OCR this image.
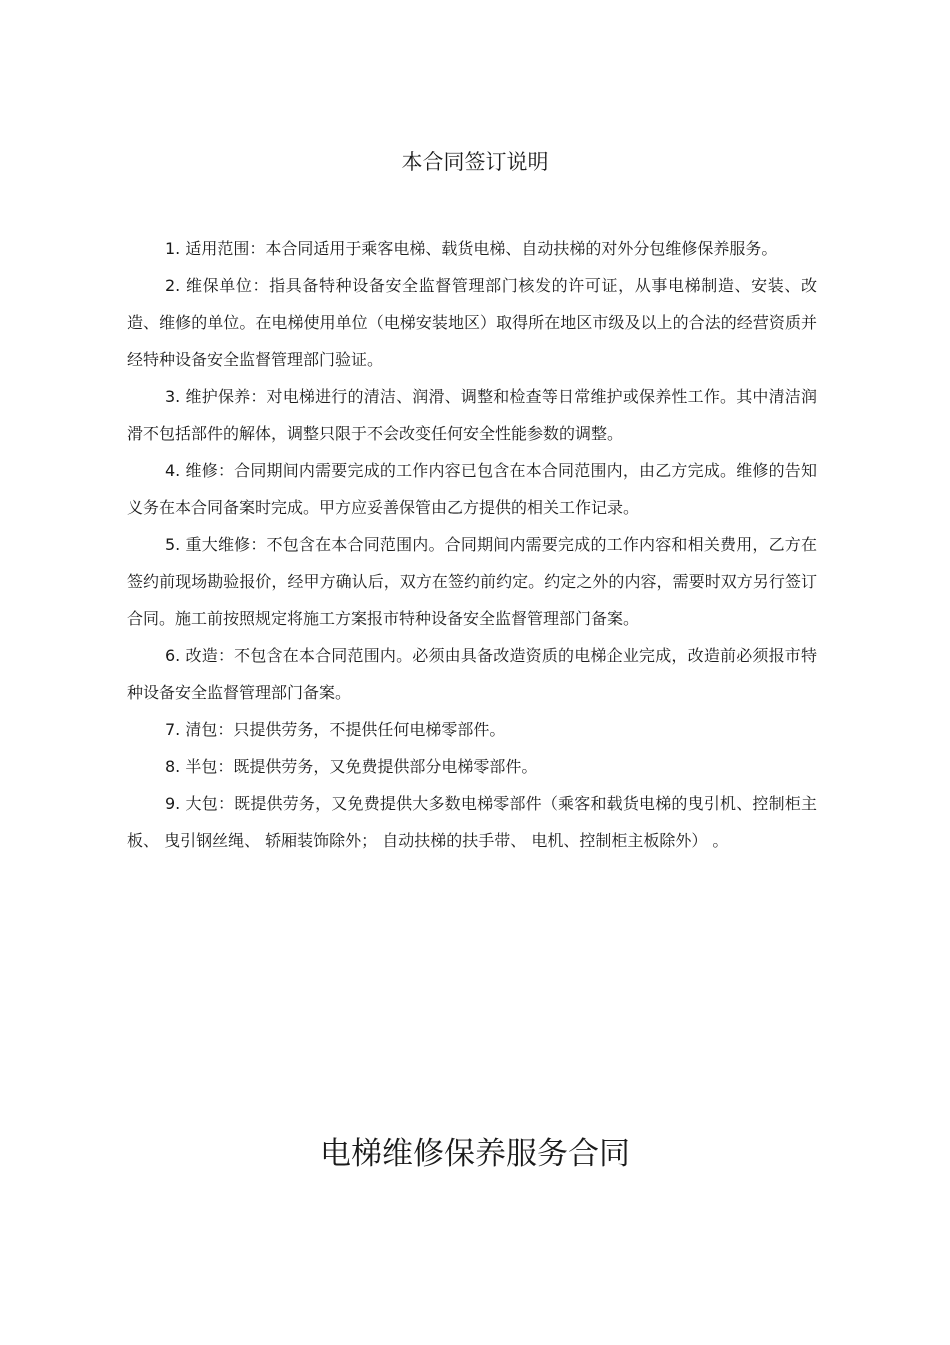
本合同签订说明

1. 适用范围：本合同适用于乘客电梯、载货电梯、自动扶梯的对外分包维修保养服务。

2. 维保单位：指具备特种设备安全监督管理部门核发的许可证，从事电梯制造、安装、改造、维修的单位。在电梯使用单位（电梯安装地区）取得所在地区市级及以上的合法的经营资质并经特种设备安全监督管理部门验证。

3. 维护保养：对电梯进行的清洁、润滑、调整和检查等日常维护或保养性工作。其中清洁润滑不包括部件的解体，调整只限于不会改变任何安全性能参数的调整。

4. 维修：合同期间内需要完成的工作内容已包含在本合同范围内，由乙方完成。维修的告知义务在本合同备案时完成。甲方应妥善保管由乙方提供的相关工作记录。

5. 重大维修：不包含在本合同范围内。合同期间内需要完成的工作内容和相关费用，乙方在签约前现场勘验报价，经甲方确认后，双方在签约前约定。约定之外的内容，需要时双方另行签订合同。施工前按照规定将施工方案报市特种设备安全监督管理部门备案。

6. 改造：不包含在本合同范围内。必须由具备改造资质的电梯企业完成，改造前必须报市特种设备安全监督管理部门备案。

7. 清包：只提供劳务，不提供任何电梯零部件。

8. 半包：既提供劳务，又免费提供部分电梯零部件。

9. 大包：既提供劳务，又免费提供大多数电梯零部件（乘客和载货电梯的曳引机、控制柜主板、 曳引钢丝绳、 轿厢装饰除外； 自动扶梯的扶手带、 电机、控制柜主板除外） 。

电梯维修保养服务合同
